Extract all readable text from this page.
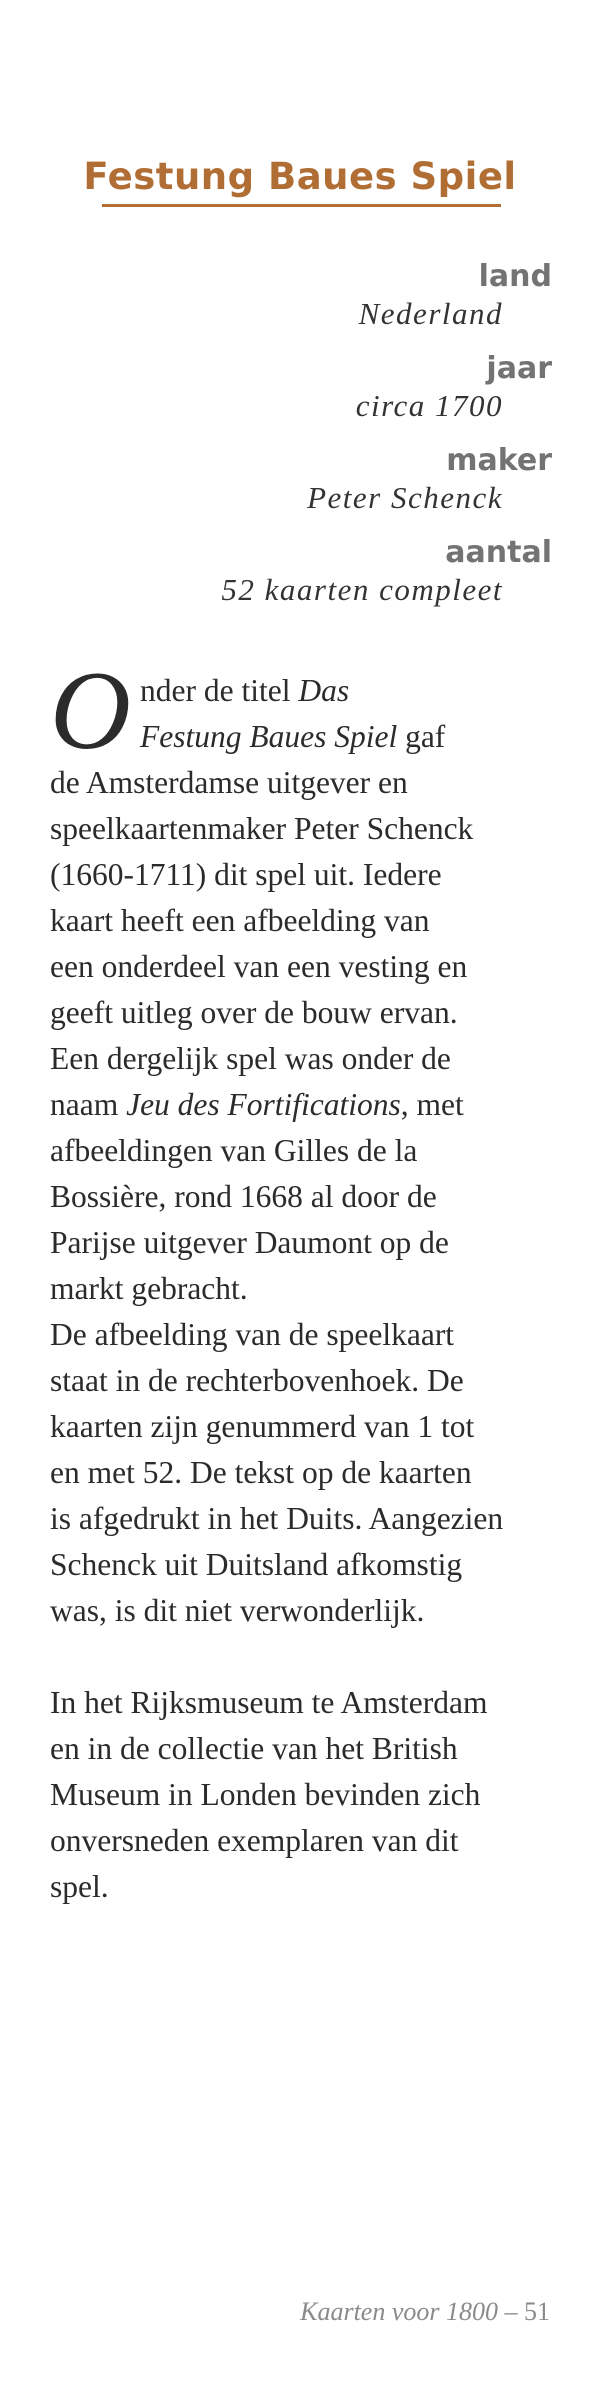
Festung Baues Spiel
land
Nederland
jaar
circa 1700
maker
Peter Schenck
aantal
52 kaarten compleet
O nder de titel Das
Festung Baues Spiel gaf
de Amsterdamse uitgever en
speelkaartenmaker Peter Schenck
(1660-1711) dit spel uit. Iedere
kaart heeft een afbeelding van
een onderdeel van een vesting en
geeft uitleg over de bouw ervan.
Een dergelijk spel was onder de
naam Jeu des Fortifications, met
afbeeldingen van Gilles de la
Bossière, rond 1668 al door de
Parijse uitgever Daumont op de
markt gebracht.
De afbeelding van de speelkaart
staat in de rechterbovenhoek. De
kaarten zijn genummerd van 1 tot
en met 52. De tekst op de kaarten
is afgedrukt in het Duits. Aangezien
Schenck uit Duitsland afkomstig
was, is dit niet verwonderlijk.
In het Rijksmuseum te Amsterdam
en in de collectie van het British
Museum in Londen bevinden zich
onversneden exemplaren van dit
spel.
Kaarten voor 1800 – 51
